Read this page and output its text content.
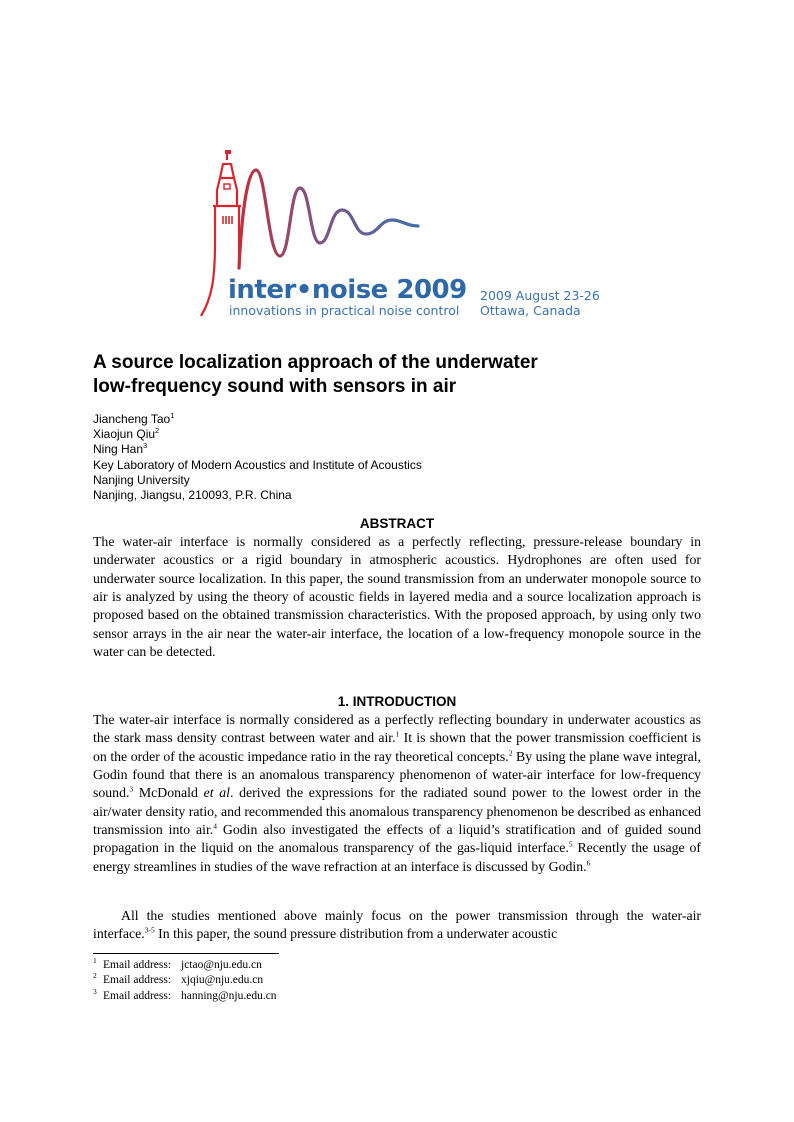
inter•noise 2009
innovations in practical noise control
2009 August 23-26
Ottawa, Canada
A source localization approach of the underwater
low-frequency sound with sensors in air
Jiancheng Tao$^1$
Xiaojun Qiu$^2$
Ning Han$^3$
Key Laboratory of Modern Acoustics and Institute of Acoustics
Nanjing University
Nanjing, Jiangsu, 210093, P.R. China
ABSTRACT

The water-air interface is normally considered as a perfectly reflecting, pressure-release boundary in underwater acoustics or a rigid boundary in atmospheric acoustics. Hydrophones are often used for underwater source localization. In this paper, the sound transmission from an underwater monopole source to air is analyzed by using the theory of acoustic fields in layered media and a source localization approach is proposed based on the obtained transmission characteristics. With the proposed approach, by using only two sensor arrays in the air near the water-air interface, the location of a low-frequency monopole source in the water can be detected.

1. INTRODUCTION

The water-air interface is normally considered as a perfectly reflecting boundary in underwater acoustics as the stark mass density contrast between water and air.$^1$ It is shown that the power transmission coefficient is on the order of the acoustic impedance ratio in the ray theoretical concepts.$^2$ By using the plane wave integral, Godin found that there is an anomalous transparency phenomenon of water-air interface for low-frequency sound.$^3$ McDonald et al. derived the expressions for the radiated sound power to the lowest order in the air/water density ratio, and recommended this anomalous transparency phenomenon be described as enhanced transmission into air.$^4$ Godin also investigated the effects of a liquid’s stratification and of guided sound propagation in the liquid on the anomalous transparency of the gas-liquid interface.$^5$ Recently the usage of energy streamlines in studies of the wave refraction at an interface is discussed by Godin.$^6$

All the studies mentioned above mainly focus on the power transmission through the water-air interface.$^{3-5}$ In this paper, the sound pressure distribution from a underwater acoustic

1 Email address: jctao@nju.edu.cn
2 Email address: xjqiu@nju.edu.cn
3 Email address: hanning@nju.edu.cn
